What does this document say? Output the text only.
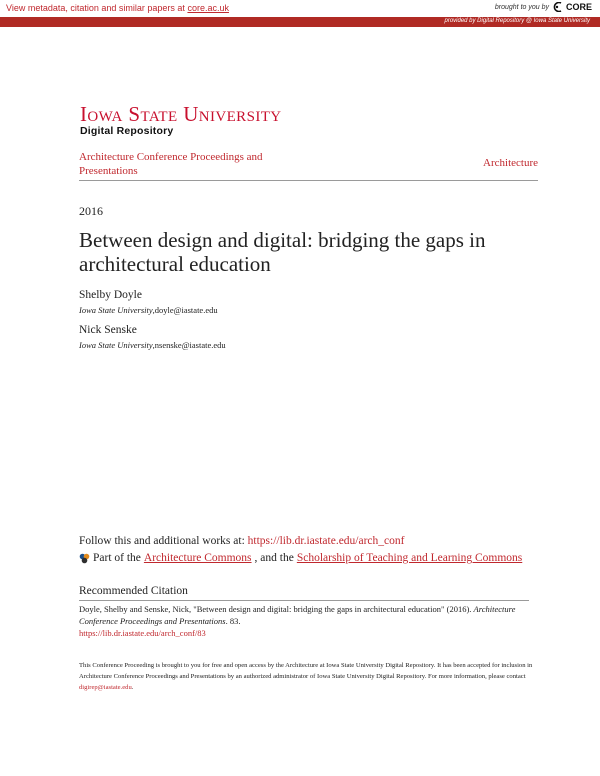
View metadata, citation and similar papers at core.ac.uk	brought to you by CORE
provided by Digital Repository @ Iowa State University
Iowa State University
Digital Repository
Architecture Conference Proceedings and Presentations
Architecture
2016
Between design and digital: bridging the gaps in architectural education
Shelby Doyle
Iowa State University,doyle@iastate.edu
Nick Senske
Iowa State University,nsenske@iastate.edu
Follow this and additional works at: https://lib.dr.iastate.edu/arch_conf
Part of the Architecture Commons , and the Scholarship of Teaching and Learning Commons
Recommended Citation
Doyle, Shelby and Senske, Nick, "Between design and digital: bridging the gaps in architectural education" (2016). Architecture Conference Proceedings and Presentations. 83.
https://lib.dr.iastate.edu/arch_conf/83
This Conference Proceeding is brought to you for free and open access by the Architecture at Iowa State University Digital Repository. It has been accepted for inclusion in Architecture Conference Proceedings and Presentations by an authorized administrator of Iowa State University Digital Repository. For more information, please contact digirep@iastate.edu.
